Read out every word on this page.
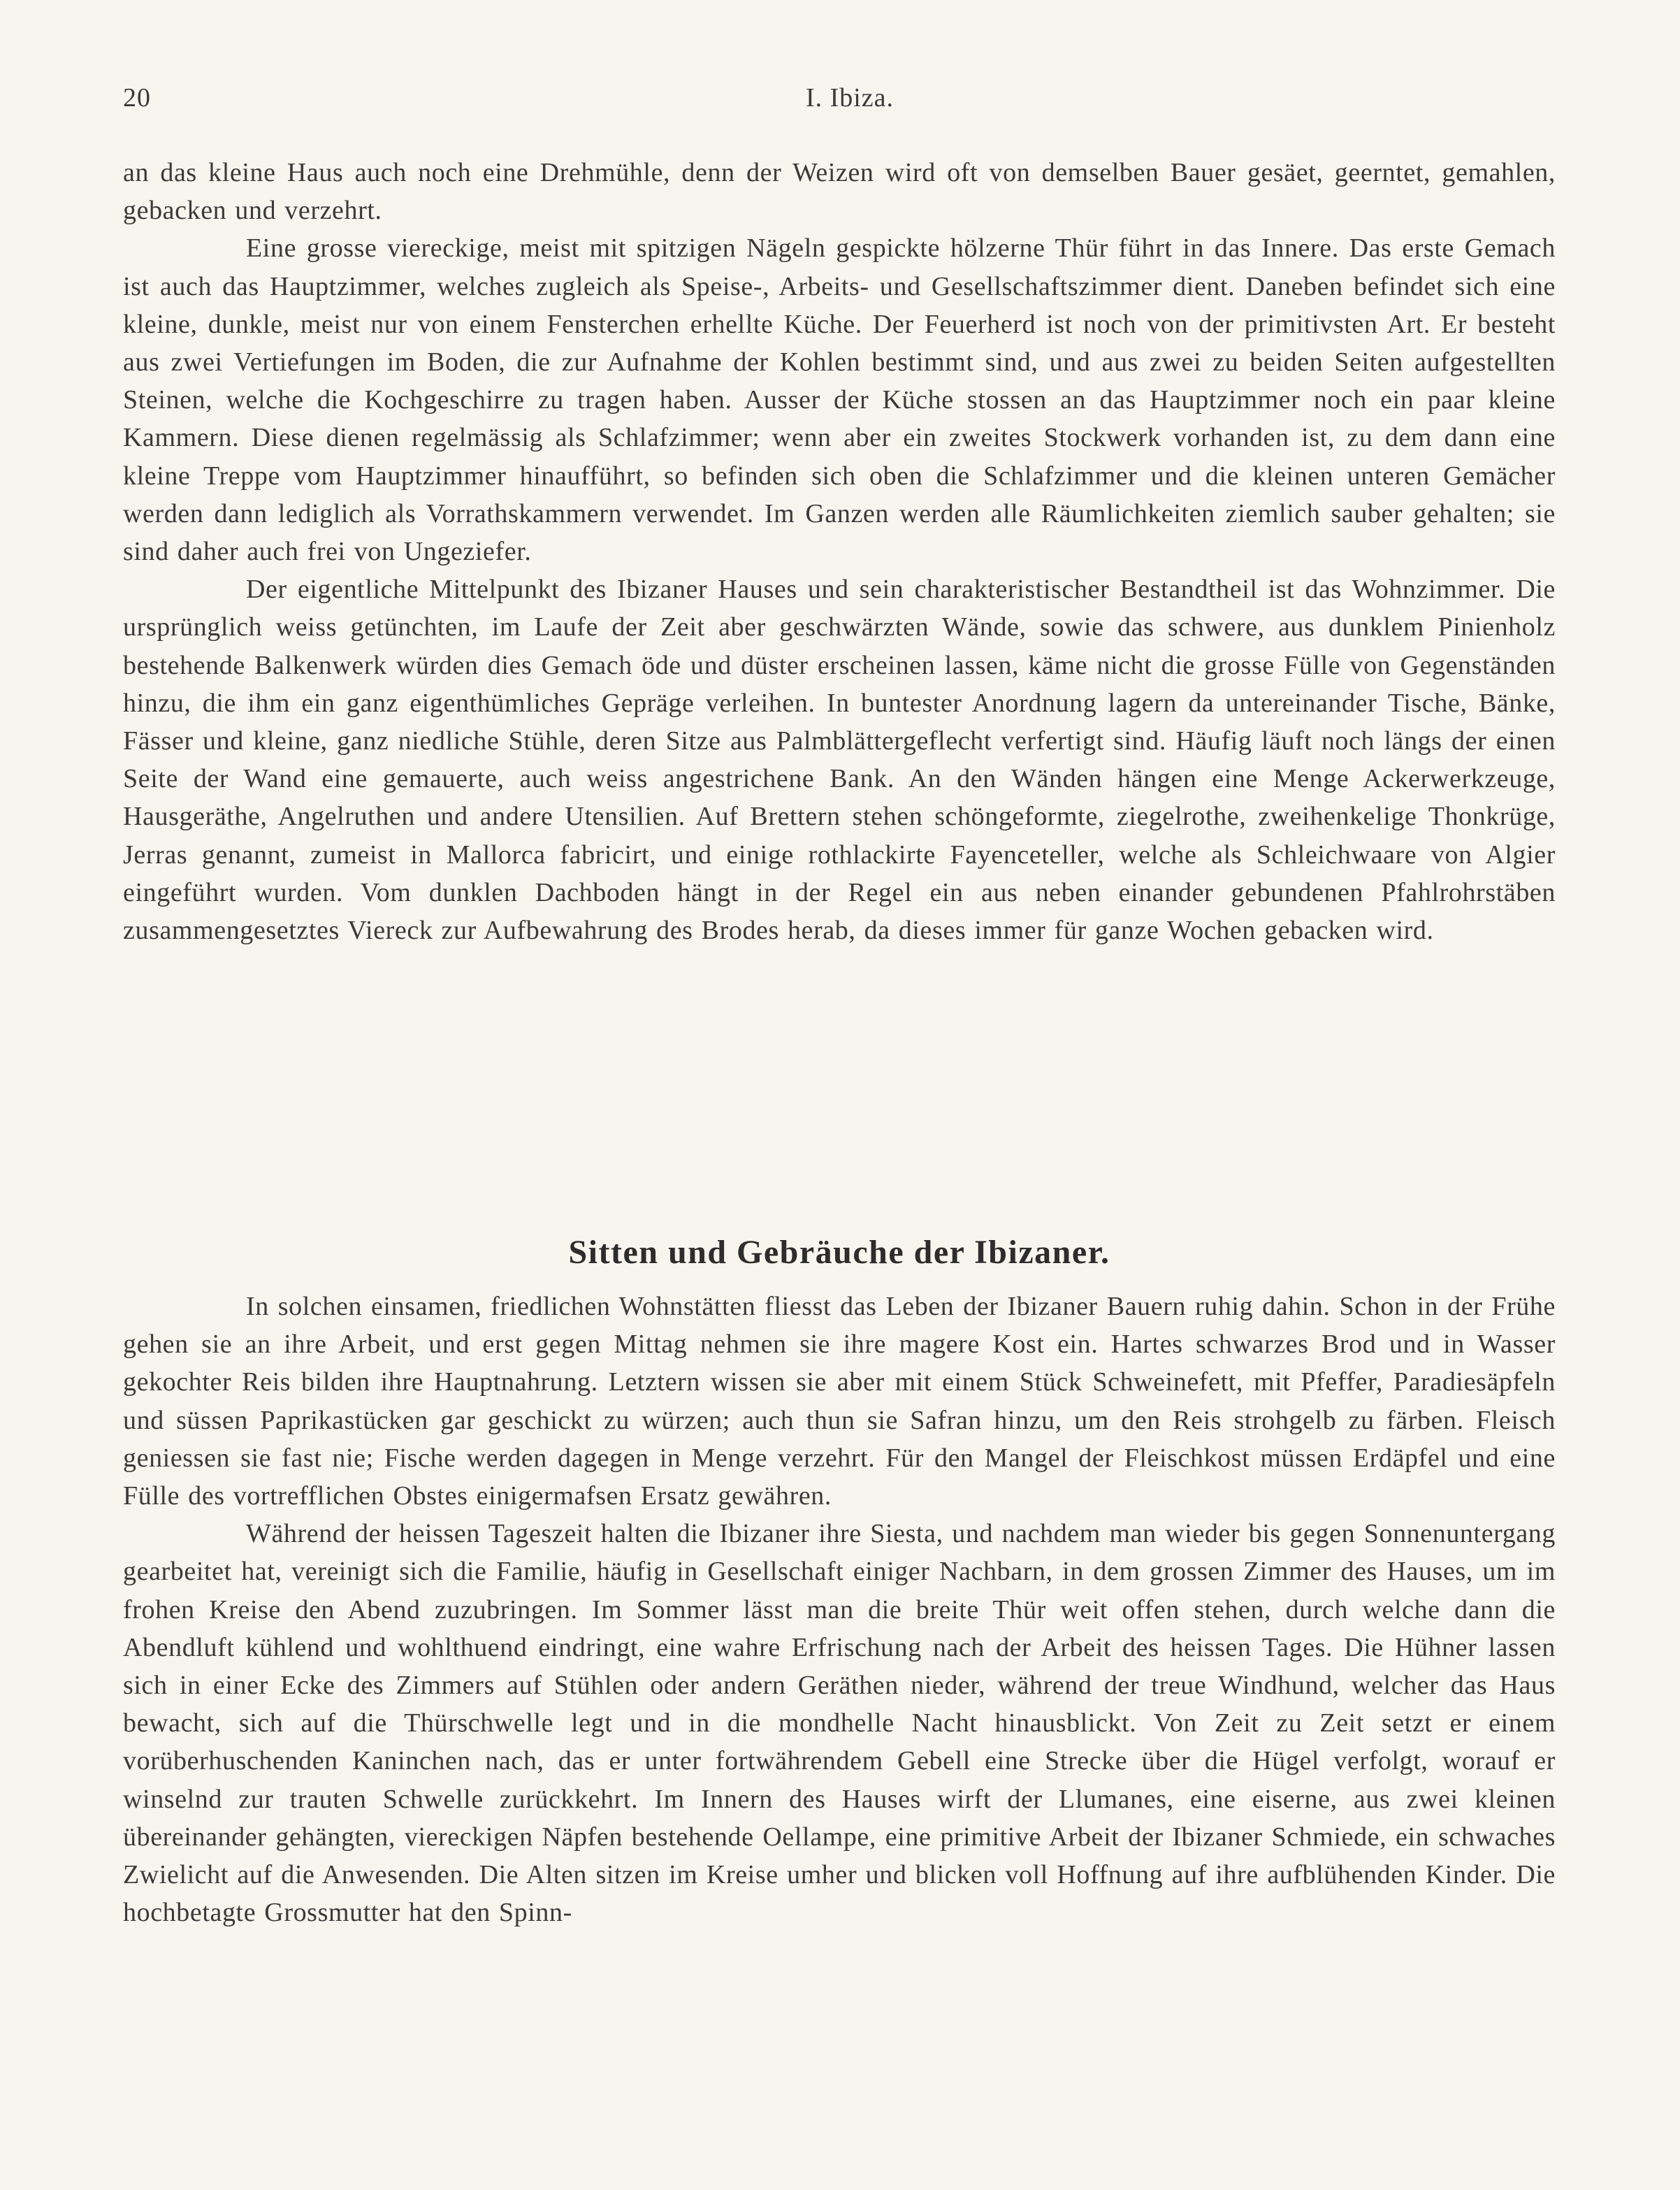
20	I. Ibiza.

an das kleine Haus auch noch eine Drehmühle, denn der Weizen wird oft von demselben Bauer gesäet, geerntet, gemahlen, gebacken und verzehrt.

Eine grosse viereckige, meist mit spitzigen Nägeln gespickte hölzerne Thür führt in das Innere. Das erste Gemach ist auch das Hauptzimmer, welches zugleich als Speise-, Arbeits- und Gesellschaftszimmer dient. Daneben befindet sich eine kleine, dunkle, meist nur von einem Fensterchen erhellte Küche. Der Feuerherd ist noch von der primitivsten Art. Er besteht aus zwei Vertiefungen im Boden, die zur Aufnahme der Kohlen bestimmt sind, und aus zwei zu beiden Seiten aufgestellten Steinen, welche die Kochgeschirre zu tragen haben. Ausser der Küche stossen an das Hauptzimmer noch ein paar kleine Kammern. Diese dienen regelmässig als Schlafzimmer; wenn aber ein zweites Stockwerk vorhanden ist, zu dem dann eine kleine Treppe vom Hauptzimmer hinaufführt, so befinden sich oben die Schlafzimmer und die kleinen unteren Gemächer werden dann lediglich als Vorrathskammern verwendet. Im Ganzen werden alle Räumlichkeiten ziemlich sauber gehalten; sie sind daher auch frei von Ungeziefer.

Der eigentliche Mittelpunkt des Ibizaner Hauses und sein charakteristischer Bestandtheil ist das Wohnzimmer. Die ursprünglich weiss getünchten, im Laufe der Zeit aber geschwärzten Wände, sowie das schwere, aus dunklem Pinienholz bestehende Balkenwerk würden dies Gemach öde und düster erscheinen lassen, käme nicht die grosse Fülle von Gegenständen hinzu, die ihm ein ganz eigenthümliches Gepräge verleihen. In buntester Anordnung lagern da untereinander Tische, Bänke, Fässer und kleine, ganz niedliche Stühle, deren Sitze aus Palmblättergeflecht verfertigt sind. Häufig läuft noch längs der einen Seite der Wand eine gemauerte, auch weiss angestrichene Bank. An den Wänden hängen eine Menge Ackerwerkzeuge, Hausgeräthe, Angelruthen und andere Utensilien. Auf Brettern stehen schöngeformte, ziegelrothe, zweihenkelige Thonkrüge, Jerras genannt, zumeist in Mallorca fabricirt, und einige rothlackirte Fayenceteller, welche als Schleichwaare von Algier eingeführt wurden. Vom dunklen Dachboden hängt in der Regel ein aus neben einander gebundenen Pfahlrohrstäben zusammengesetztes Viereck zur Aufbewahrung des Brodes herab, da dieses immer für ganze Wochen gebacken wird.

Sitten und Gebräuche der Ibizaner.

In solchen einsamen, friedlichen Wohnstätten fliesst das Leben der Ibizaner Bauern ruhig dahin. Schon in der Frühe gehen sie an ihre Arbeit, und erst gegen Mittag nehmen sie ihre magere Kost ein. Hartes schwarzes Brod und in Wasser gekochter Reis bilden ihre Hauptnahrung. Letztern wissen sie aber mit einem Stück Schweinefett, mit Pfeffer, Paradiesäpfeln und süssen Paprikastücken gar geschickt zu würzen; auch thun sie Safran hinzu, um den Reis strohgelb zu färben. Fleisch geniessen sie fast nie; Fische werden dagegen in Menge verzehrt. Für den Mangel der Fleischkost müssen Erdäpfel und eine Fülle des vortrefflichen Obstes einigermafsen Ersatz gewähren.

Während der heissen Tageszeit halten die Ibizaner ihre Siesta, und nachdem man wieder bis gegen Sonnenuntergang gearbeitet hat, vereinigt sich die Familie, häufig in Gesellschaft einiger Nachbarn, in dem grossen Zimmer des Hauses, um im frohen Kreise den Abend zuzubringen. Im Sommer lässt man die breite Thür weit offen stehen, durch welche dann die Abendluft kühlend und wohlthuend eindringt, eine wahre Erfrischung nach der Arbeit des heissen Tages. Die Hühner lassen sich in einer Ecke des Zimmers auf Stühlen oder andern Geräthen nieder, während der treue Windhund, welcher das Haus bewacht, sich auf die Thürschwelle legt und in die mondhelle Nacht hinausblickt. Von Zeit zu Zeit setzt er einem vorüberhuschenden Kaninchen nach, das er unter fortwährendem Gebell eine Strecke über die Hügel verfolgt, worauf er winselnd zur trauten Schwelle zurückkehrt. Im Innern des Hauses wirft der Llumanes, eine eiserne, aus zwei kleinen übereinander gehängten, viereckigen Näpfen bestehende Oellampe, eine primitive Arbeit der Ibizaner Schmiede, ein schwaches Zwielicht auf die Anwesenden. Die Alten sitzen im Kreise umher und blicken voll Hoffnung auf ihre aufblühenden Kinder. Die hochbetagte Grossmutter hat den Spinn-
